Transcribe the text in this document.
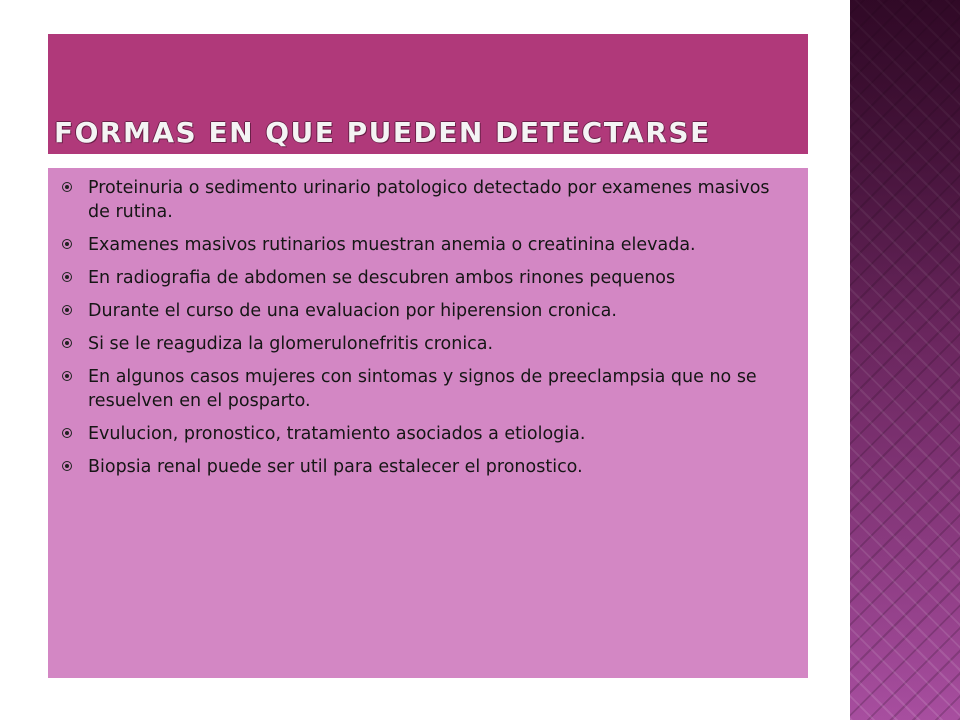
FORMAS EN QUE PUEDEN DETECTARSE
Proteinuria o sedimento urinario patologico detectado por examenes masivos de rutina.
Examenes masivos rutinarios muestran anemia o creatinina elevada.
En radiografia de abdomen se descubren ambos rinones pequenos
Durante el curso de una evaluacion por hiperension cronica.
Si se le reagudiza la glomerulonefritis cronica.
En algunos casos mujeres con sintomas y signos de preeclampsia que no se resuelven en el posparto.
Evulucion, pronostico, tratamiento asociados a etiologia.
Biopsia renal puede ser util para estalecer el pronostico.
